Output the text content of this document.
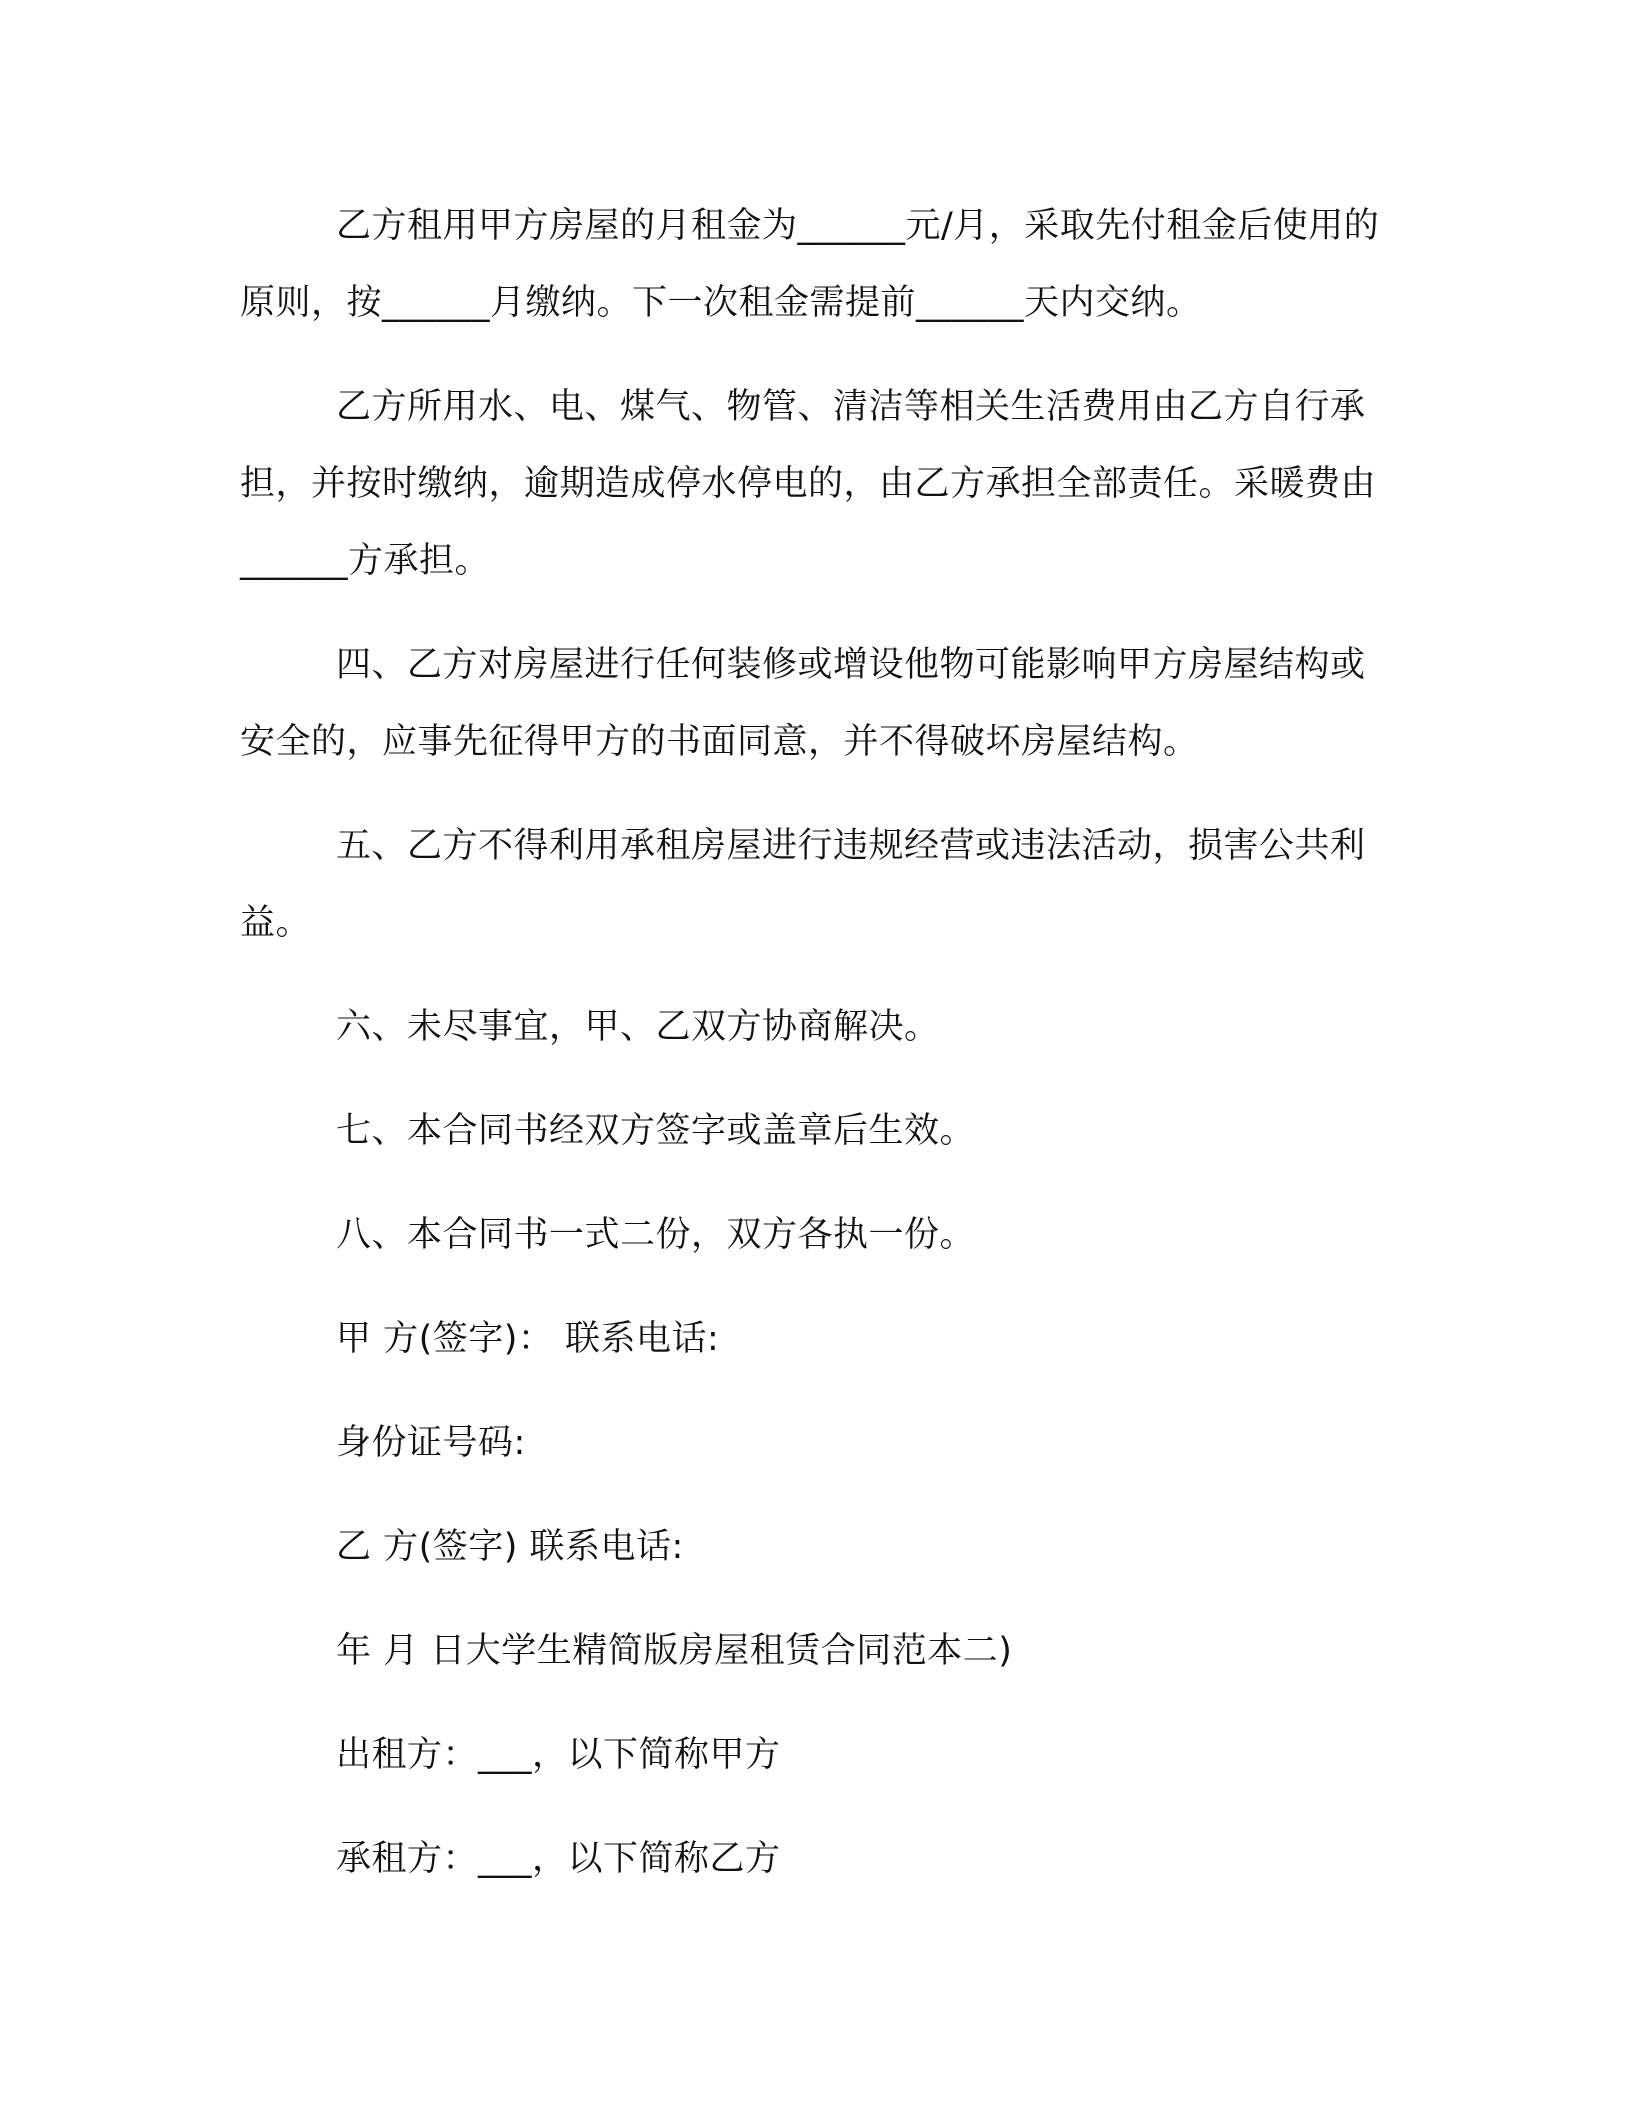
乙方租用甲方房屋的月租金为______元/月，采取先付租金后使用的原则，按______月缴纳。下一次租金需提前______天内交纳。

乙方所用水、电、煤气、物管、清洁等相关生活费用由乙方自行承担，并按时缴纳，逾期造成停水停电的，由乙方承担全部责任。采暖费由______方承担。

四、乙方对房屋进行任何装修或增设他物可能影响甲方房屋结构或安全的，应事先征得甲方的书面同意，并不得破坏房屋结构。

五、乙方不得利用承租房屋进行违规经营或违法活动，损害公共利益。

六、未尽事宜，甲、乙双方协商解决。

七、本合同书经双方签字或盖章后生效。

八、本合同书一式二份，双方各执一份。

甲 方(签字)： 联系电话:

身份证号码:

乙 方(签字) 联系电话:

年 月 日大学生精简版房屋租赁合同范本二)

出租方：___，以下简称甲方

承租方：___，以下简称乙方
